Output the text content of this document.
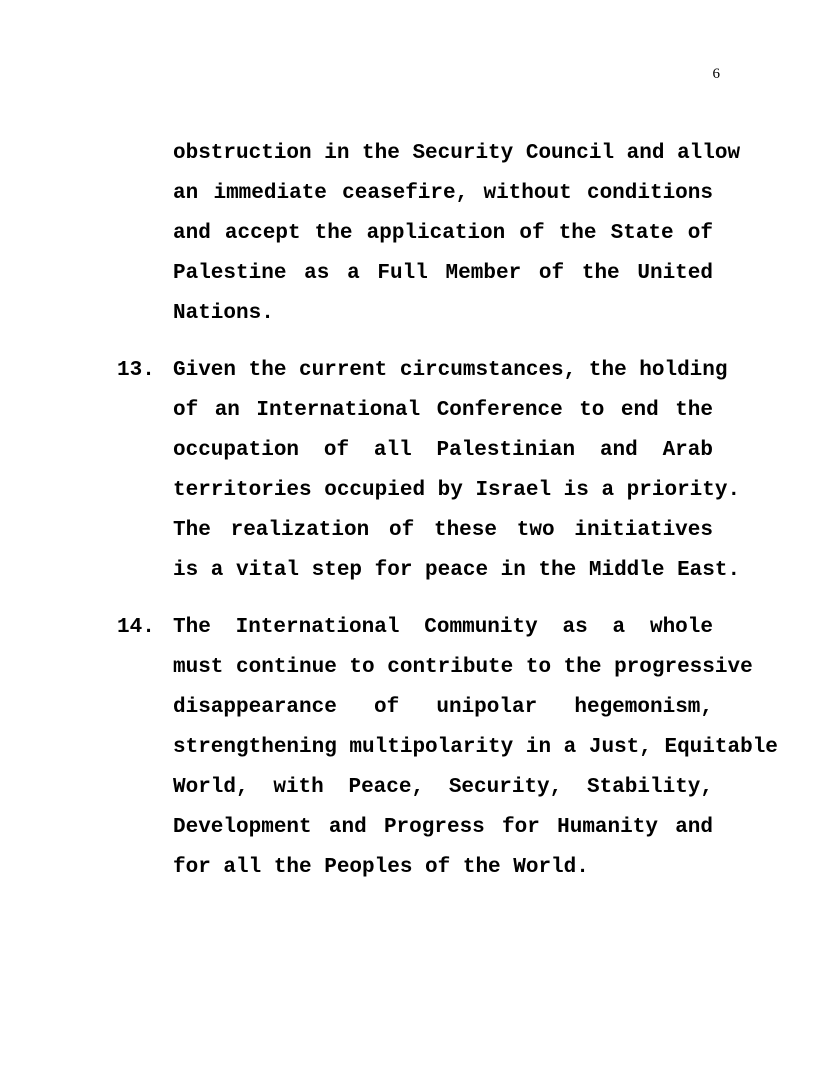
6
obstruction in the Security Council and allow
an immediate ceasefire, without conditions
and accept the application of the State of
Palestine as a Full Member of the United
Nations.
13. Given the current circumstances, the holding
of an International Conference to end the
occupation of all Palestinian and Arab
territories occupied by Israel is a priority.
The realization of these two initiatives
is a vital step for peace in the Middle East.
14. The International Community as a whole
must continue to contribute to the progressive
disappearance of unipolar hegemonism,
strengthening multipolarity in a Just, Equitable
World, with Peace, Security, Stability,
Development and Progress for Humanity and
for all the Peoples of the World.
